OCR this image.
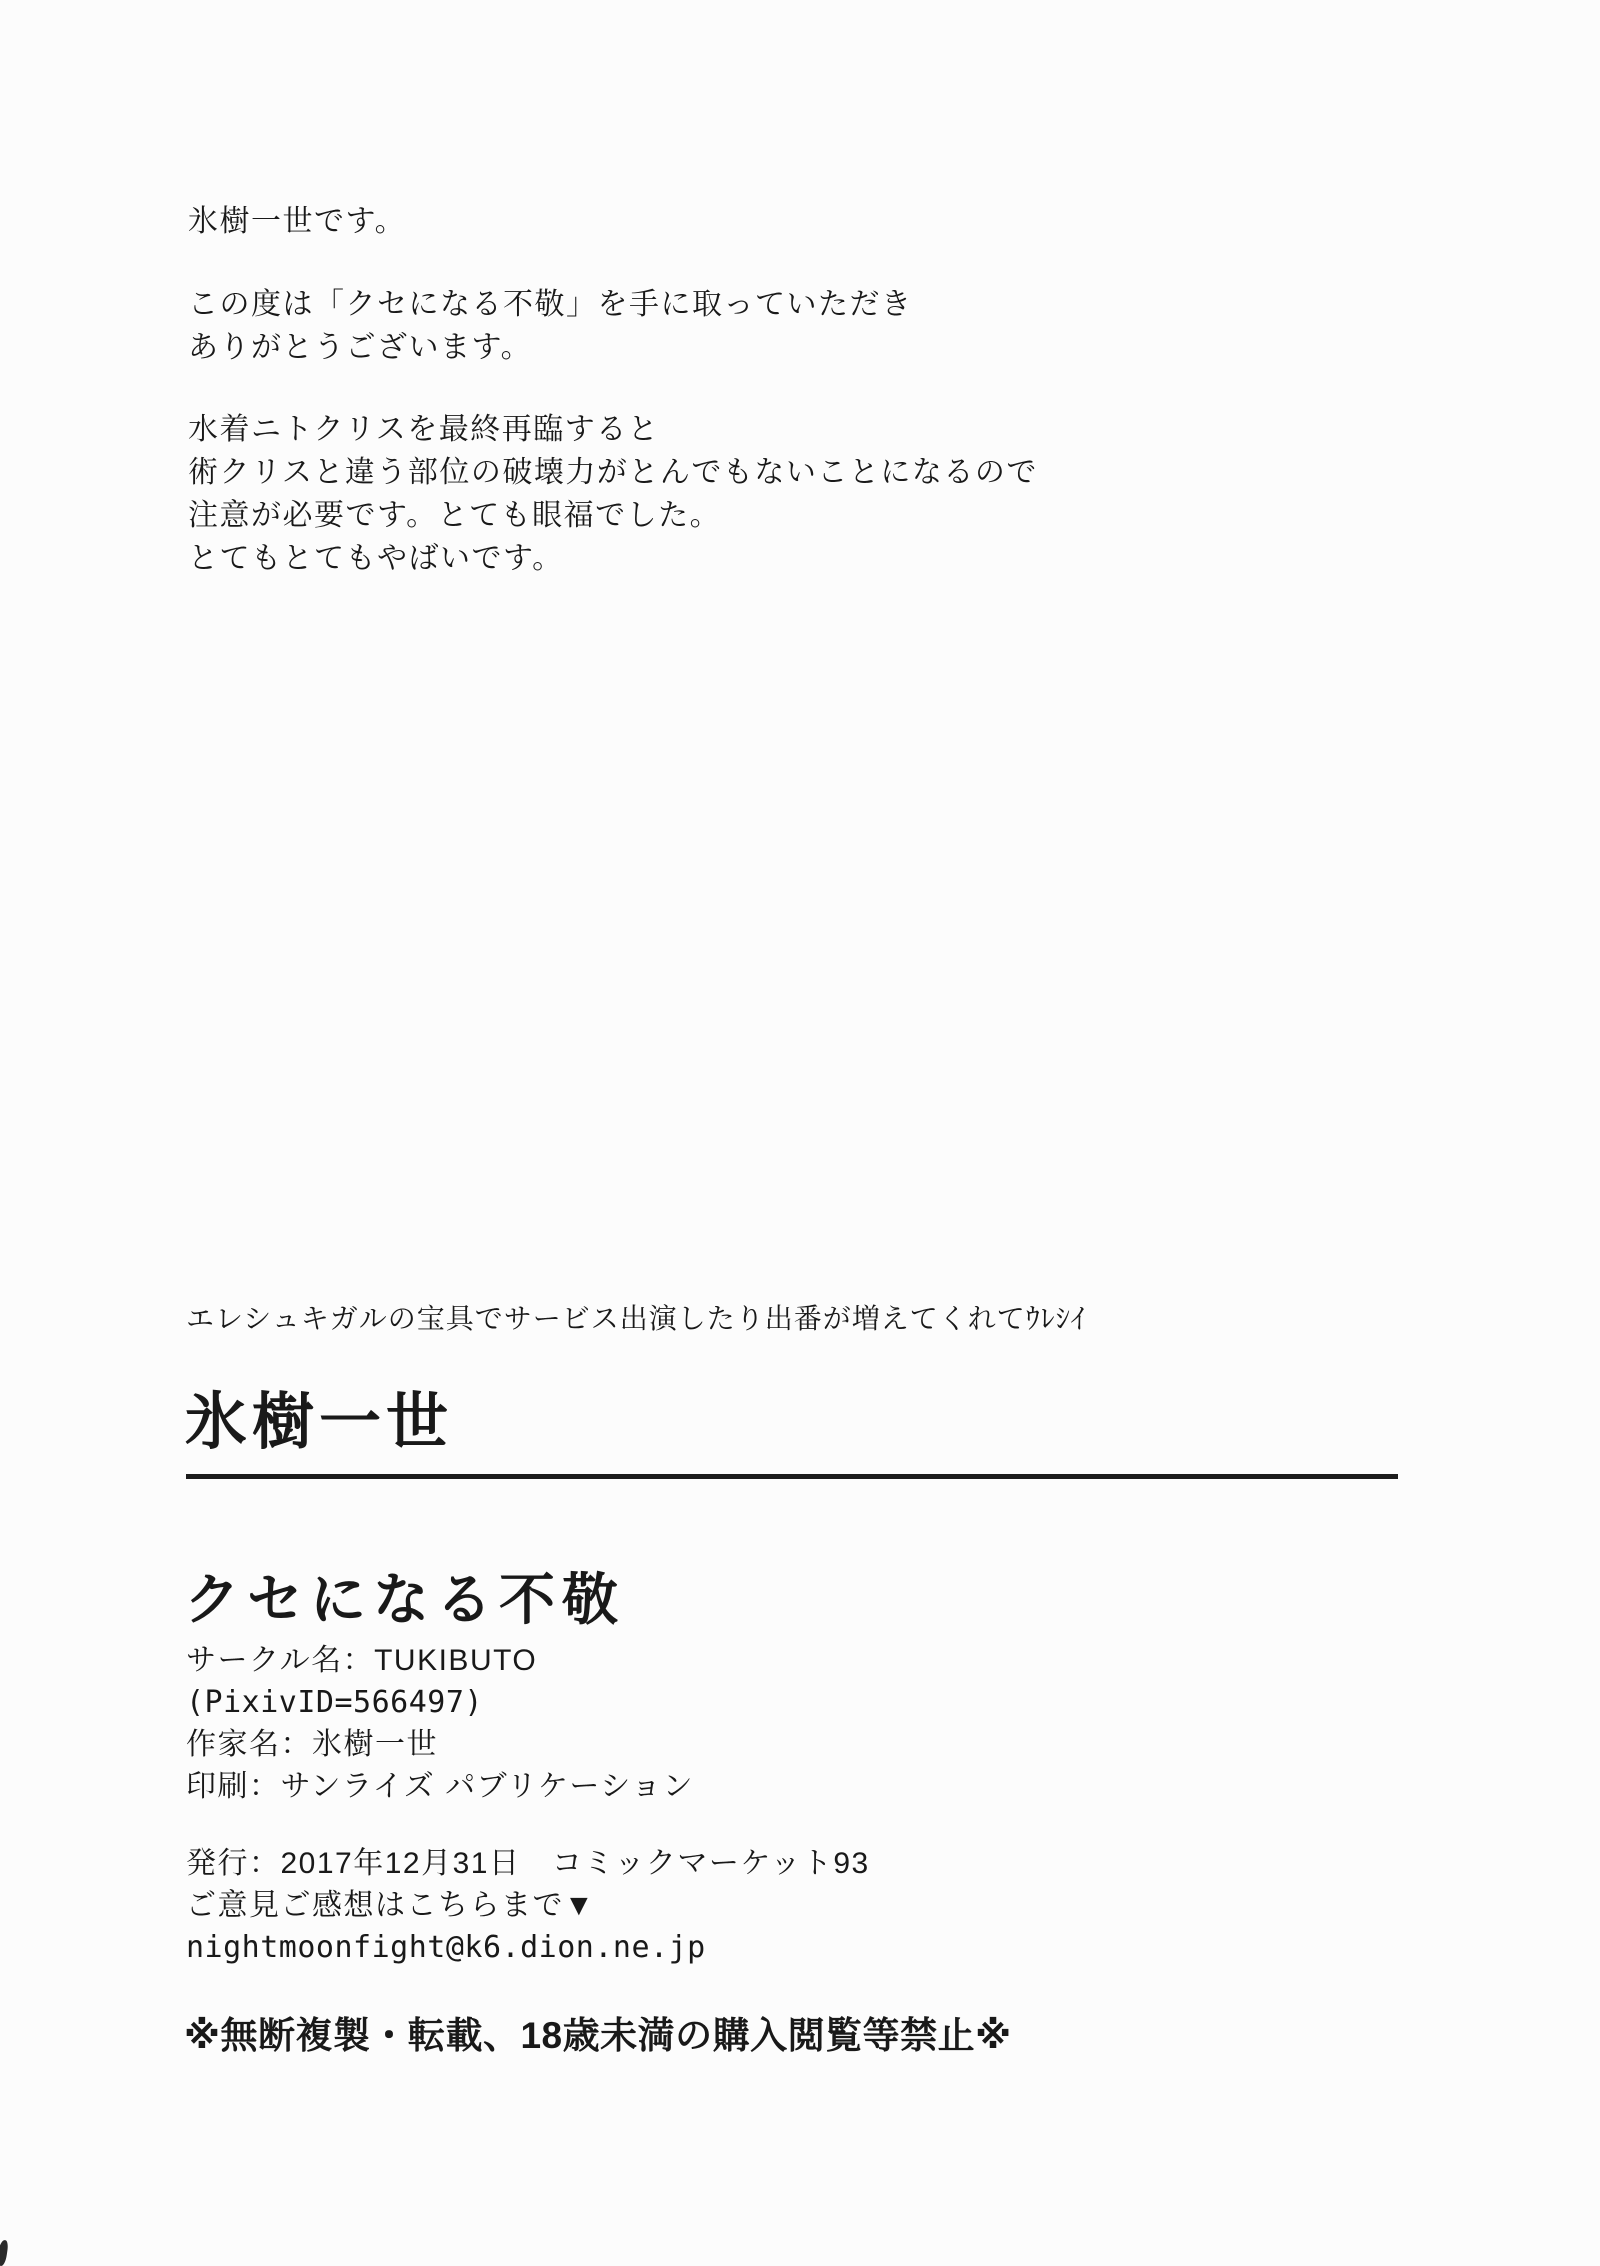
氷樹一世です。
この度は「クセになる不敬」を手に取っていただき
ありがとうございます。
水着ニトクリスを最終再臨すると
術クリスと違う部位の破壊力がとんでもないことになるので
注意が必要です。とても眼福でした。
とてもとてもやばいです。
エレシュキガルの宝具でサービス出演したり出番が増えてくれてｳﾚｼｲ
氷樹一世
クセになる不敬
サークル名：TUKIBUTO
(PixivID=566497)
作家名：氷樹一世
印刷：サンライズ パブリケーション
発行：2017年12月31日　コミックマーケット93
ご意見ご感想はこちらまで▼
nightmoonfight@k6.dion.ne.jp
※無断複製・転載、18歳未満の購入閲覧等禁止※
